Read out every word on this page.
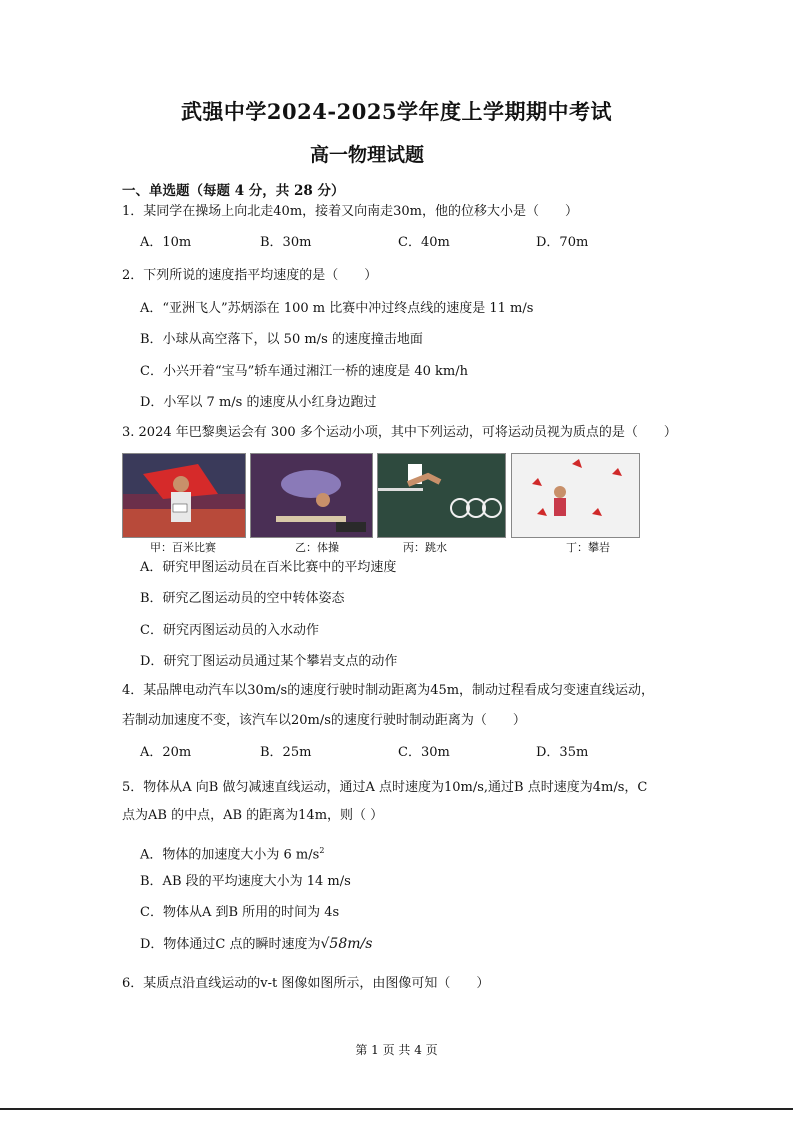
武强中学2024-2025学年度上学期期中考试
高一物理试题
一、单选题（每题 4 分，共 28 分）
1．某同学在操场上向北走40m，接着又向南走30m，他的位移大小是（　　）
A．10m	B．30m	C．40m	D．70m
2．下列所说的速度指平均速度的是（　　）
A．“亚洲飞人”苏炳添在 100 m 比赛中冲过终点线的速度是 11 m/s
B．小球从高空落下，以 50 m/s 的速度撞击地面
C．小兴开着“宝马”轿车通过湘江一桥的速度是 40 km/h
D．小军以 7 m/s 的速度从小红身边跑过
3. 2024 年巴黎奥运会有 300 多个运动小项，其中下列运动，可将运动员视为质点的是（　　）
甲：百米比赛	乙：体操	丙：跳水	丁：攀岩
A．研究甲图运动员在百米比赛中的平均速度
B．研究乙图运动员的空中转体姿态
C．研究丙图运动员的入水动作
D．研究丁图运动员通过某个攀岩支点的动作
4．某品牌电动汽车以30m/s的速度行驶时制动距离为45m，制动过程看成匀变速直线运动，
若制动加速度不变，该汽车以20m/s的速度行驶时制动距离为（　　）
A．20m	B．25m	C．30m	D．35m
5．物体从A 向B 做匀减速直线运动，通过A 点时速度为10m/s,通过B 点时速度为4m/s，C
点为AB 的中点，AB 的距离为14m，则（ ）
A．物体的加速度大小为 6 $m/s^2$
B．AB 段的平均速度大小为 14 m/s
C．物体从A 到B 所用的时间为 4s
D．物体通过C 点的瞬时速度为√58m/s
6．某质点沿直线运动的v-t 图像如图所示，由图像可知（　　）
第 1 页 共 4 页
